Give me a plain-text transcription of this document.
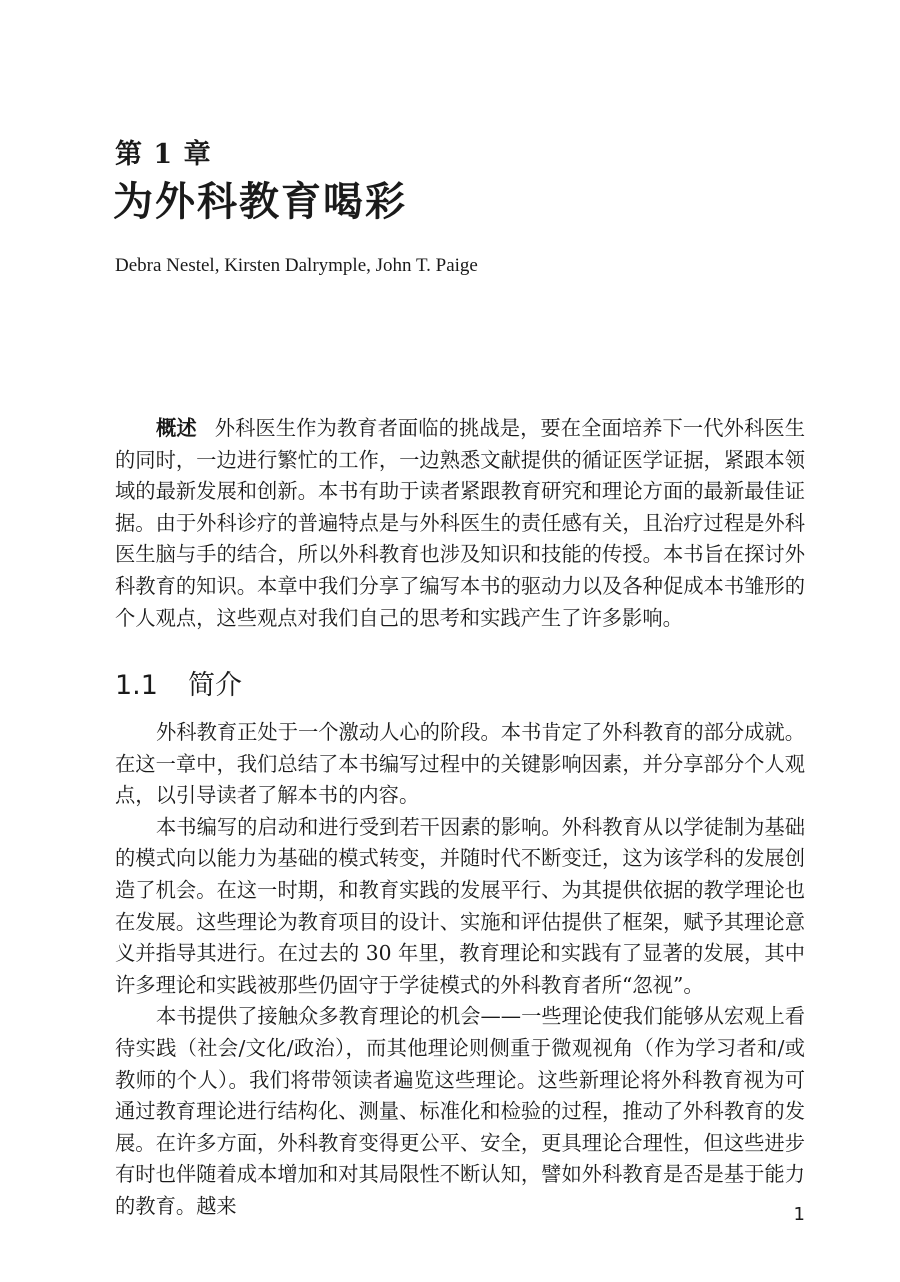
第 1 章
为外科教育喝彩
Debra Nestel, Kirsten Dalrymple, John T. Paige
概述 外科医生作为教育者面临的挑战是，要在全面培养下一代外科医生的同时，一边进行繁忙的工作，一边熟悉文献提供的循证医学证据，紧跟本领域的最新发展和创新。本书有助于读者紧跟教育研究和理论方面的最新最佳证据。由于外科诊疗的普遍特点是与外科医生的责任感有关，且治疗过程是外科医生脑与手的结合，所以外科教育也涉及知识和技能的传授。本书旨在探讨外科教育的知识。本章中我们分享了编写本书的驱动力以及各种促成本书雏形的个人观点，这些观点对我们自己的思考和实践产生了许多影响。
1.1 简介

外科教育正处于一个激动人心的阶段。本书肯定了外科教育的部分成就。在这一章中，我们总结了本书编写过程中的关键影响因素，并分享部分个人观点，以引导读者了解本书的内容。

本书编写的启动和进行受到若干因素的影响。外科教育从以学徒制为基础的模式向以能力为基础的模式转变，并随时代不断变迁，这为该学科的发展创造了机会。在这一时期，和教育实践的发展平行、为其提供依据的教学理论也在发展。这些理论为教育项目的设计、实施和评估提供了框架，赋予其理论意义并指导其进行。在过去的 30 年里，教育理论和实践有了显著的发展，其中许多理论和实践被那些仍固守于学徒模式的外科教育者所“忽视”。

本书提供了接触众多教育理论的机会——一些理论使我们能够从宏观上看待实践（社会/文化/政治），而其他理论则侧重于微观视角（作为学习者和/或教师的个人）。我们将带领读者遍览这些理论。这些新理论将外科教育视为可通过教育理论进行结构化、测量、标准化和检验的过程，推动了外科教育的发展。在许多方面，外科教育变得更公平、安全，更具理论合理性，但这些进步有时也伴随着成本增加和对其局限性不断认知，譬如外科教育是否是基于能力的教育。越来	1
